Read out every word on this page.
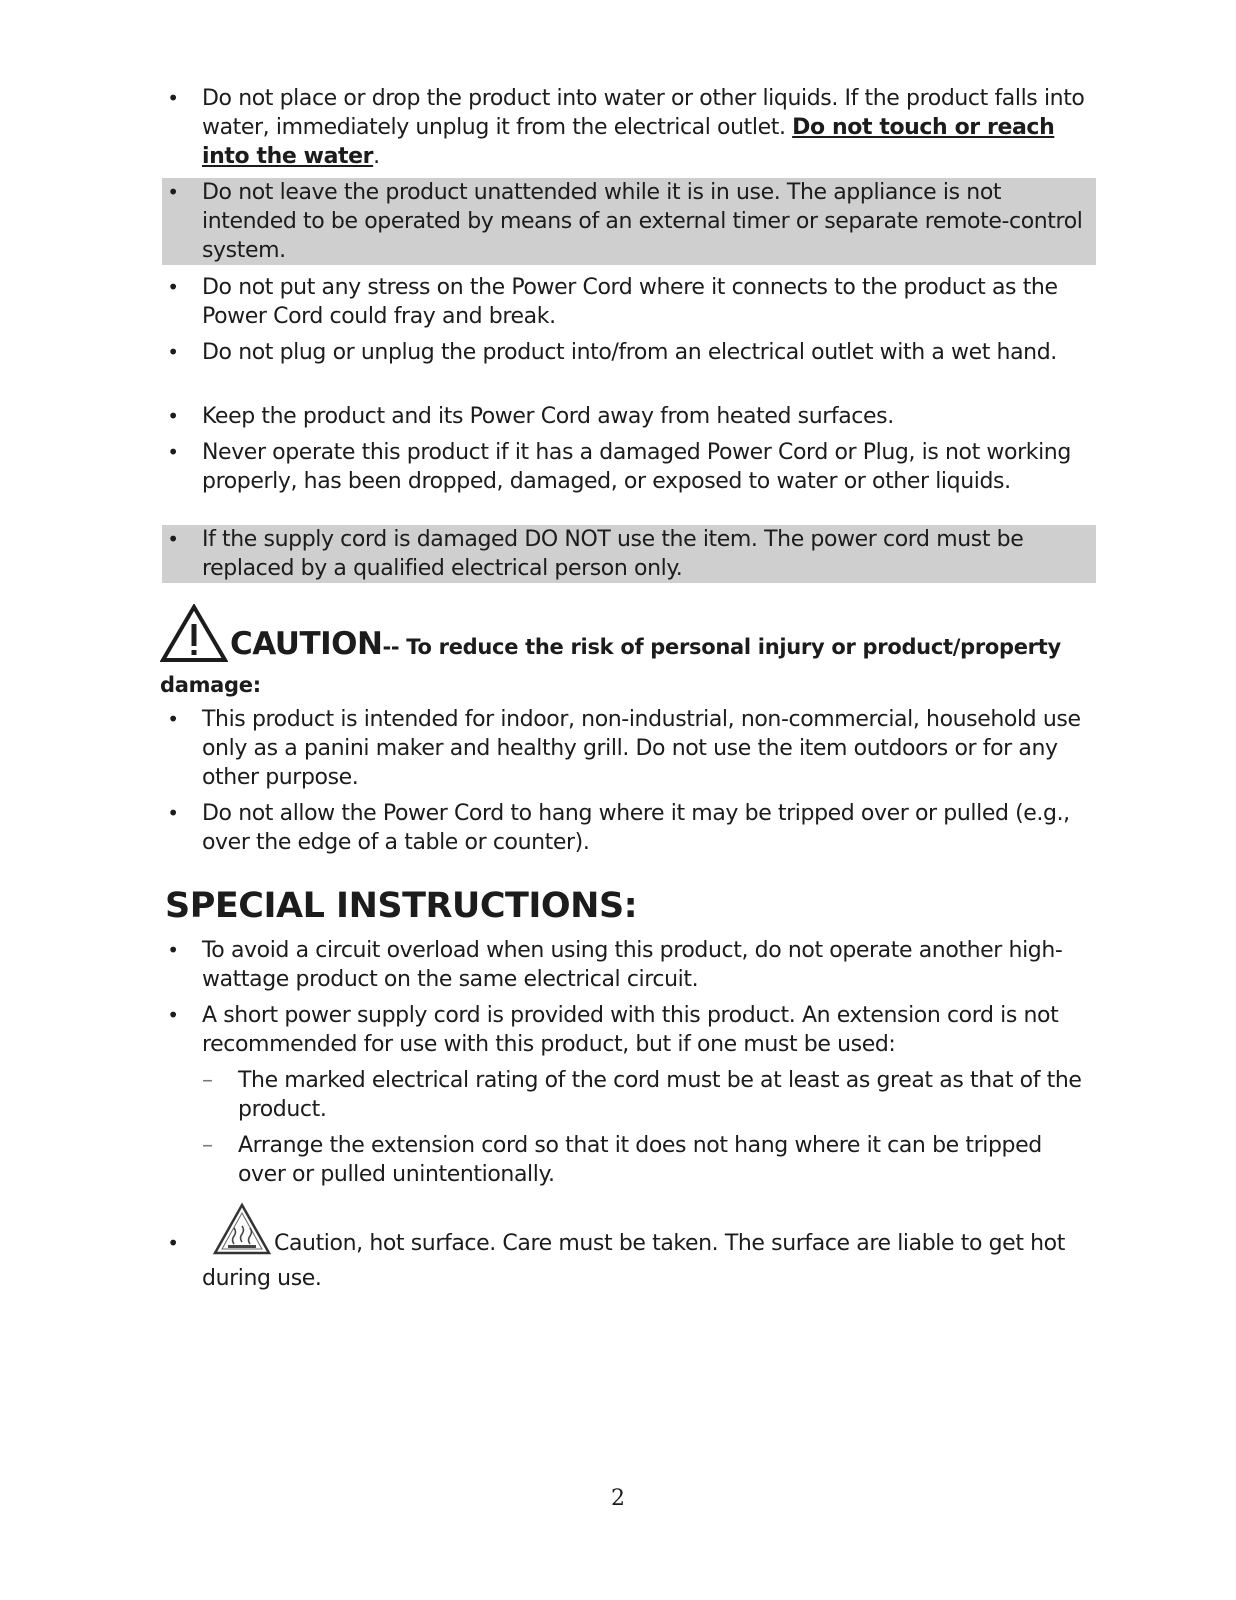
• Do not place or drop the product into water or other liquids. If the product falls into water, immediately unplug it from the electrical outlet. Do not touch or reach into the water.
• Do not leave the product unattended while it is in use. The appliance is not intended to be operated by means of an external timer or separate remote-control system.
• Do not put any stress on the Power Cord where it connects to the product as the Power Cord could fray and break.
• Do not plug or unplug the product into/from an electrical outlet with a wet hand.
• Keep the product and its Power Cord away from heated surfaces.
• Never operate this product if it has a damaged Power Cord or Plug, is not working properly, has been dropped, damaged, or exposed to water or other liquids.
• If the supply cord is damaged DO NOT use the item. The power cord must be replaced by a qualified electrical person only.
CAUTION-- To reduce the risk of personal injury or product/property damage:
• This product is intended for indoor, non-industrial, non-commercial, household use only as a panini maker and healthy grill. Do not use the item outdoors or for any other purpose.
• Do not allow the Power Cord to hang where it may be tripped over or pulled (e.g., over the edge of a table or counter).
SPECIAL INSTRUCTIONS:
• To avoid a circuit overload when using this product, do not operate another high-wattage product on the same electrical circuit.
• A short power supply cord is provided with this product. An extension cord is not recommended for use with this product, but if one must be used:
– The marked electrical rating of the cord must be at least as great as that of the product.
– Arrange the extension cord so that it does not hang where it can be tripped over or pulled unintentionally.
•	Caution, hot surface. Care must be taken. The surface are liable to get hot during use.
2
